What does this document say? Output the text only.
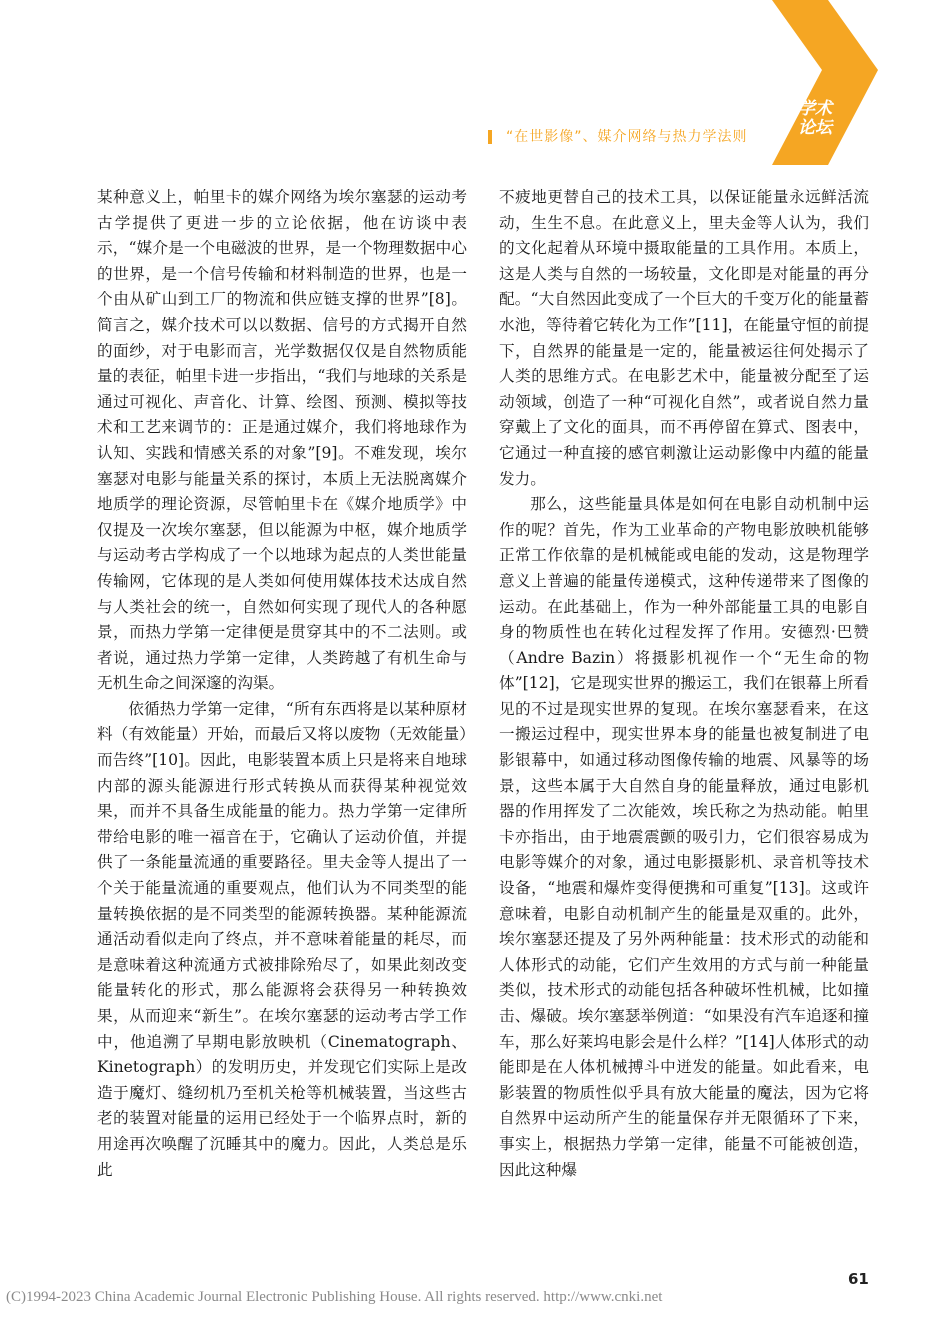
学术论坛
“在世影像”、媒介网络与热力学法则

某种意义上，帕里卡的媒介网络为埃尔塞瑟的运动考古学提供了更进一步的立论依据，他在访谈中表示，“媒介是一个电磁波的世界，是一个物理数据中心的世界，是一个信号传输和材料制造的世界，也是一个由从矿山到工厂的物流和供应链支撑的世界”[8]。简言之，媒介技术可以以数据、信号的方式揭开自然的面纱，对于电影而言，光学数据仅仅是自然物质能量的表征，帕里卡进一步指出，“我们与地球的关系是通过可视化、声音化、计算、绘图、预测、模拟等技术和工艺来调节的：正是通过媒介，我们将地球作为认知、实践和情感关系的对象”[9]。不难发现，埃尔塞瑟对电影与能量关系的探讨，本质上无法脱离媒介地质学的理论资源，尽管帕里卡在《媒介地质学》中仅提及一次埃尔塞瑟，但以能源为中枢，媒介地质学与运动考古学构成了一个以地球为起点的人类世能量传输网，它体现的是人类如何使用媒体技术达成自然与人类社会的统一，自然如何实现了现代人的各种愿景，而热力学第一定律便是贯穿其中的不二法则。或者说，通过热力学第一定律，人类跨越了有机生命与无机生命之间深邃的沟渠。

依循热力学第一定律，“所有东西将是以某种原材料（有效能量）开始，而最后又将以废物（无效能量）而告终”[10]。因此，电影装置本质上只是将来自地球内部的源头能源进行形式转换从而获得某种视觉效果，而并不具备生成能量的能力。热力学第一定律所带给电影的唯一福音在于，它确认了运动价值，并提供了一条能量流通的重要路径。里夫金等人提出了一个关于能量流通的重要观点，他们认为不同类型的能量转换依据的是不同类型的能源转换器。某种能源流通活动看似走向了终点，并不意味着能量的耗尽，而是意味着这种流通方式被排除殆尽了，如果此刻改变能量转化的形式，那么能源将会获得另一种转换效果，从而迎来“新生”。在埃尔塞瑟的运动考古学工作中，他追溯了早期电影放映机（Cinematograph、Kinetograph）的发明历史，并发现它们实际上是改造于魔灯、缝纫机乃至机关枪等机械装置，当这些古老的装置对能量的运用已经处于一个临界点时，新的用途再次唤醒了沉睡其中的魔力。因此，人类总是乐此

不疲地更替自己的技术工具，以保证能量永远鲜活流动，生生不息。在此意义上，里夫金等人认为，我们的文化起着从环境中摄取能量的工具作用。本质上，这是人类与自然的一场较量，文化即是对能量的再分配。“大自然因此变成了一个巨大的千变万化的能量蓄水池，等待着它转化为工作”[11]，在能量守恒的前提下，自然界的能量是一定的，能量被运往何处揭示了人类的思维方式。在电影艺术中，能量被分配至了运动领域，创造了一种“可视化自然”，或者说自然力量穿戴上了文化的面具，而不再停留在算式、图表中，它通过一种直接的感官刺激让运动影像中内蕴的能量发力。

那么，这些能量具体是如何在电影自动机制中运作的呢？首先，作为工业革命的产物电影放映机能够正常工作依靠的是机械能或电能的发动，这是物理学意义上普遍的能量传递模式，这种传递带来了图像的运动。在此基础上，作为一种外部能量工具的电影自身的物质性也在转化过程发挥了作用。安德烈·巴赞（Andre Bazin）将摄影机视作一个“无生命的物体”[12]，它是现实世界的搬运工，我们在银幕上所看见的不过是现实世界的复现。在埃尔塞瑟看来，在这一搬运过程中，现实世界本身的能量也被复制进了电影银幕中，如通过移动图像传输的地震、风暴等的场景，这些本属于大自然自身的能量释放，通过电影机器的作用挥发了二次能效，埃氏称之为热动能。帕里卡亦指出，由于地震震颤的吸引力，它们很容易成为电影等媒介的对象，通过电影摄影机、录音机等技术设备，“地震和爆炸变得便携和可重复”[13]。这或许意味着，电影自动机制产生的能量是双重的。此外，埃尔塞瑟还提及了另外两种能量：技术形式的动能和人体形式的动能，它们产生效用的方式与前一种能量类似，技术形式的动能包括各种破坏性机械，比如撞击、爆破。埃尔塞瑟举例道：“如果没有汽车追逐和撞车，那么好莱坞电影会是什么样？”[14]人体形式的动能即是在人体机械搏斗中迸发的能量。如此看来，电影装置的物质性似乎具有放大能量的魔法，因为它将自然界中运动所产生的能量保存并无限循环了下来，事实上，根据热力学第一定律，能量不可能被创造，因此这种爆

61
(C)1994-2023 China Academic Journal Electronic Publishing House. All rights reserved. http://www.cnki.net
